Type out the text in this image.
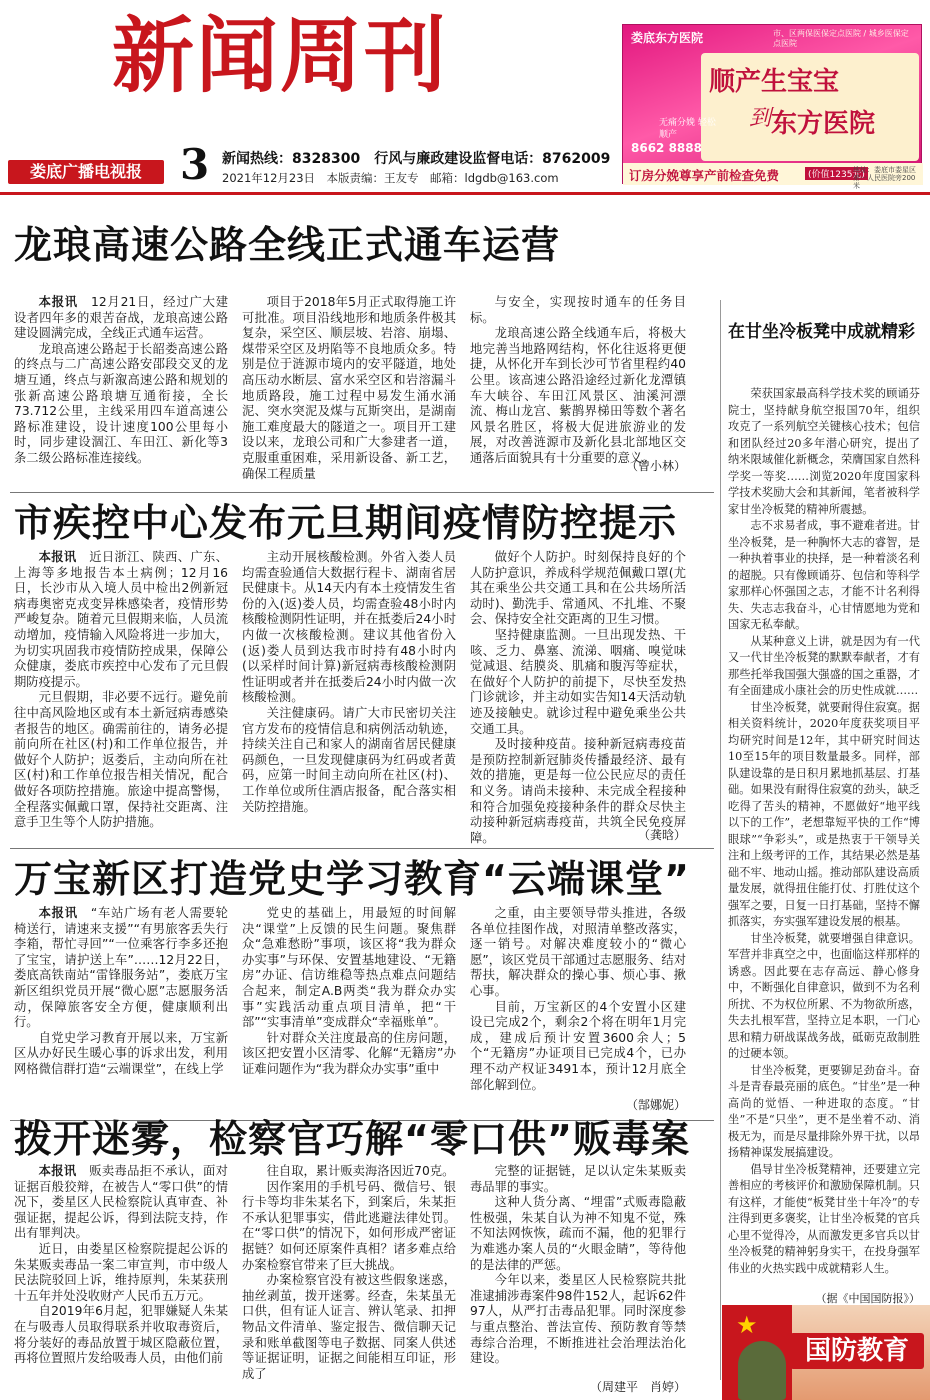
新闻周刊
娄底广播电视报 3 新闻热线：8328300　行风与廉政建设监督电话：8762009
2021年12月23日　本版责编：王友专　邮箱：ldgdb@163.com
娄底东方医院	市、区两保医保定点医院 / 城乡医保定点医院
顺产生宝宝
到 东方医院
无痛分娩 轻松顺产
8662 8888
订房分娩尊享产前检查免费	(价值1235元)
地址：娄底市娄星区第一人民医院旁200米
龙琅高速公路全线正式通车运营

本报讯　12月21日，经过广大建设者四年多的艰苦奋战，龙琅高速公路建设圆满完成，全线正式通车运营。

龙琅高速公路起于长韶娄高速公路的终点与二广高速公路安邵段交叉的龙塘互通，终点与新溆高速公路和规划的张新高速公路琅塘互通衔接，全长73.712公里，主线采用四车道高速公路标准建设，设计速度100公里每小时，同步建设涸江、车田江、新化等3条二级公路标准连接线。

项目于2018年5月正式取得施工许可批准。项目沿线地形和地质条件极其复杂，采空区、顺层坡、岩溶、崩塌、煤带采空区及坍陷等不良地质众多。特别是位于涟源市境内的安平隧道，地处高压动水断层、富水采空区和岩溶漏斗地质路段，施工过程中易发生涌水涌泥、突水突泥及煤与瓦斯突出，是湖南施工难度最大的隧道之一。项目开工建设以来，龙琅公司和广大参建者一道，克服重重困难，采用新设备、新工艺，确保工程质量

与安全，实现按时通车的任务目标。

龙琅高速公路全线通车后，将极大地完善当地路网结构，怀化往返将更便捷，从怀化开车到长沙可节省里程约40公里。该高速公路沿途经过新化龙潭镇车大峡谷、车田江风景区、油溪河漂流、梅山龙宫、紫鹊界梯田等数个著名风景名胜区，将极大促进旅游业的发展，对改善涟源市及新化县北部地区交通落后面貌具有十分重要的意义。

（曾小林）
市疾控中心发布元旦期间疫情防控提示

本报讯　近日浙江、陕西、广东、上海等多地报告本土病例；12月16日，长沙市从入境人员中检出2例新冠病毒奥密克戎变异株感染者，疫情形势严峻复杂。随着元旦假期来临，人员流动增加，疫情输入风险将进一步加大，为切实巩固我市疫情防控成果，保障公众健康，娄底市疾控中心发布了元旦假期防疫提示。

元旦假期，非必要不远行。避免前往中高风险地区或有本土新冠病毒感染者报告的地区。确需前往的，请务必提前向所在社区(村)和工作单位报告，并做好个人防护；返娄后，主动向所在社区(村)和工作单位报告相关情况，配合做好各项防控措施。旅途中提高警惕，全程落实佩戴口罩，保持社交距离、注意手卫生等个人防护措施。

主动开展核酸检测。外省入娄人员均需查验通信大数据行程卡、湖南省居民健康卡。从14天内有本土疫情发生省份的入(返)娄人员，均需查验48小时内核酸检测阴性证明，并在抵娄后24小时内做一次核酸检测。建议其他省份入(返)娄人员到达我市时持有48小时内(以采样时间计算)新冠病毒核酸检测阴性证明或者并在抵娄后24小时内做一次核酸检测。

关注健康码。请广大市民密切关注官方发布的疫情信息和病例活动轨迹，持续关注自己和家人的湖南省居民健康码颜色，一旦发现健康码为红码或者黄码，应第一时间主动向所在社区(村)、工作单位或所住酒店报备，配合落实相关防控措施。

做好个人防护。时刻保持良好的个人防护意识，养成科学规范佩戴口罩(尤其在乘坐公共交通工具和在公共场所活动时)、勤洗手、常通风、不扎堆、不聚会、保持安全社交距离的卫生习惯。

坚持健康监测。一旦出现发热、干咳、乏力、鼻塞、流涕、咽痛、嗅觉味觉减退、结膜炎、肌痛和腹泻等症状，在做好个人防护的前提下，尽快至发热门诊就诊，并主动如实告知14天活动轨迹及接触史。就诊过程中避免乘坐公共交通工具。

及时接种疫苗。接种新冠病毒疫苗是预防控制新冠肺炎传播最经济、最有效的措施，更是每一位公民应尽的责任和义务。请尚未接种、未完成全程接种和符合加强免疫接种条件的群众尽快主动接种新冠病毒疫苗，共筑全民免疫屏障。	（龚晗）
万宝新区打造党史学习教育“云端课堂”

本报讯　“车站广场有老人需要轮椅送行，请速来支援”“有男旅客丢失行李箱，帮忙寻回”“一位乘客行李多还抱了宝宝，请护送上车”……12月22日，娄底高铁南站“雷锋服务站”，娄底万宝新区组织党员开展“微心愿”志愿服务活动，保障旅客安全方便，健康顺利出行。

自党史学习教育开展以来，万宝新区从办好民生暖心事的诉求出发，利用网格微信群打造“云端课堂”，在线上学

党史的基础上，用最短的时间解决“课堂”上反馈的民生问题。聚焦群众“急难愁盼”事项，该区将“我为群众办实事”与环保、安置基地建设、“无籍房”办证、信访维稳等热点难点问题结合起来，制定A.B两类“我为群众办实事”实践活动重点项目清单，把“干部”“实事清单”变成群众“幸福账单”。

针对群众关注度最高的住房问题，该区把安置小区清零、化解“无籍房”办证难问题作为“我为群众办实事”重中

之重，由主要领导带头推进，各级各单位挂图作战，对照清单整改落实，逐一销号。对解决难度较小的“微心愿”，该区党员干部通过志愿服务、结对帮扶，解决群众的操心事、烦心事、揪心事。

目前，万宝新区的4个安置小区建设已完成2个，剩余2个将在明年1月完成，建成后预计安置3600余人；5个“无籍房”办证项目已完成4个，已办理不动产权证3491本，预计12月底全部化解到位。

（郜娜妮）
拨开迷雾，检察官巧解“零口供”贩毒案

本报讯　贩卖毒品拒不承认，面对证据百般狡辩，在被告人“零口供”的情况下，娄星区人民检察院认真审查、补强证据，提起公诉，得到法院支持，作出有罪判决。

近日，由娄星区检察院提起公诉的朱某贩卖毒品一案二审宣判，市中级人民法院驳回上诉，维持原判，朱某获刑十五年并处没收财产人民币五万元。

自2019年6月起，犯罪嫌疑人朱某在与吸毒人员取得联系并收取毒资后，将分装好的毒品放置于城区隐蔽位置，再将位置照片发给吸毒人员，由他们前

往自取，累计贩卖海洛因近70克。

因作案用的手机号码、微信号、银行卡等均非朱某名下，到案后，朱某拒不承认犯罪事实，借此逃避法律处罚。在“零口供”的情况下，如何形成严密证据链？如何还原案件真相？诸多难点给办案检察官带来了巨大挑战。

办案检察官没有被这些假象迷惑，抽丝剥茧，拨开迷雾。经查，朱某虽无口供，但有证人证言、辨认笔录、扣押物品文件清单、鉴定报告、微信聊天记录和账单截图等电子数据、同案人供述等证据证明，证据之间能相互印证，形成了

完整的证据链，足以认定朱某贩卖毒品罪的事实。

这种人货分离、“埋雷”式贩毒隐蔽性极强，朱某自认为神不知鬼不觉，殊不知法网恢恢，疏而不漏，他的犯罪行为难逃办案人员的“火眼金睛”，等待他的是法律的严惩。

今年以来，娄星区人民检察院共批准逮捕涉毒案件98件152人，起诉62件97人，从严打击毒品犯罪。同时深度参与重点整治、普法宣传、预防教育等禁毒综合治理，不断推进社会治理法治化建设。

（周建平　肖婷）
在甘坐冷板凳中成就精彩

荣获国家最高科学技术奖的顾诵芬院士，坚持献身航空报国70年，组织攻克了一系列航空关键核心技术；包信和团队经过20多年潜心研究，提出了纳米限域催化新概念，荣膺国家自然科学奖一等奖……浏览2020年度国家科学技术奖励大会和其新闻，笔者被科学家甘坐冷板凳的精神所震撼。

志不求易者成，事不避难者进。甘坐冷板凳，是一种胸怀大志的睿智，是一种执着事业的抉择，是一种着淡名利的超脱。只有像顾诵芬、包信和等科学家那样心怀强国之志，才能不计名利得失、失志志我奋斗，心甘情愿地为党和国家无私奉献。

从某种意义上讲，就是因为有一代又一代甘坐冷板凳的默默奉献者，才有那些托举我国强大强盛的国之重器，才有全面建成小康社会的历史性成就……

甘坐冷板凳，就要耐得住寂寞。据相关资料统计，2020年度获奖项目平均研究时间是12年，其中研究时间达10至15年的项目数量最多。同样，部队建设靠的是日积月累地抓基层、打基础。如果没有耐得住寂寞的劲头，缺乏吃得了苦头的精神，不愿做好“地平线以下的工作”，老想靠短平快的工作“博眼球”“争彩头”，或是热衷于干领导关注和上级考评的工作，其结果必然是基础不牢、地动山摇。推动部队建设高质量发展，就得扭住能打仗、打胜仗这个强军之要，日复一日打基础，坚持不懈抓落实，夯实强军建设发展的根基。

甘坐冷板凳，就要增强自律意识。军营并非真空之中，也面临这样那样的诱惑。因此要在志存高远、静心修身中，不断强化自律意识，做到不为名利所扰、不为权位所累、不为物欲所惑，失去扎根军营，坚持立足本职，一门心思和精力研战谋战务战，砥砺克敌制胜的过硬本领。

甘坐冷板凳，更要铆足劲奋斗。奋斗是青春最亮丽的底色。“甘坐”是一种高尚的觉悟、一种进取的态度。“甘坐”不是“只坐”，更不是坐着不动、消极无为，而是尽量排除外界干扰，以昂扬精神谋发展搞建设。

倡导甘坐冷板凳精神，还要建立完善相应的考核评价和激励保障机制。只有这样，才能使“板凳甘坐十年冷”的专注得到更多褒奖，让甘坐冷板凳的官兵心里不觉得冷，从而激发更多官兵以甘坐冷板凳的精神躬身实干，在投身强军伟业的火热实践中成就精彩人生。

（据《中国国防报》）
★
国防教育
